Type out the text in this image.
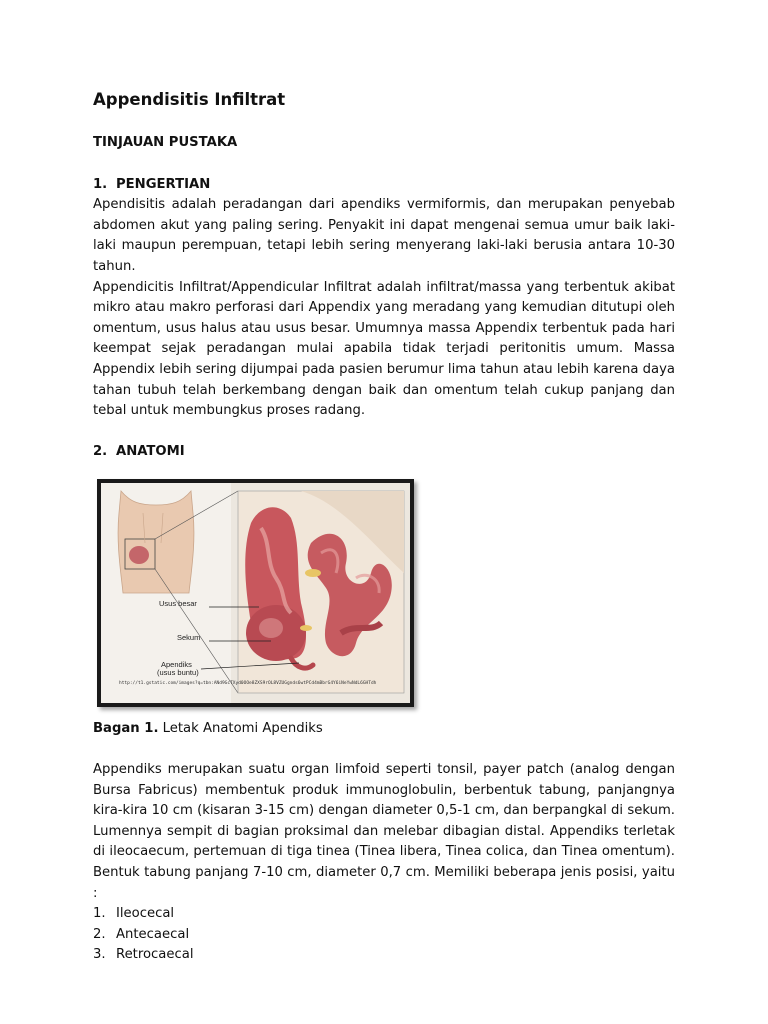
Appendisitis Infiltrat
TINJAUAN PUSTAKA
1. PENGERTIAN

Apendisitis adalah peradangan dari apendiks vermiformis, dan merupakan penyebab abdomen akut yang paling sering. Penyakit ini dapat mengenai semua umur baik laki-laki maupun perempuan, tetapi lebih sering menyerang laki-laki berusia antara 10-30 tahun.

Appendicitis Infiltrat/Appendicular Infiltrat adalah infiltrat/massa yang terbentuk akibat mikro atau makro perforasi dari Appendix yang meradang yang kemudian ditutupi oleh omentum, usus halus atau usus besar. Umumnya massa Appendix terbentuk pada hari keempat sejak peradangan mulai apabila tidak terjadi peritonitis umum. Massa Appendix lebih sering dijumpai pada pasien berumur lima tahun atau lebih karena daya tahan tubuh telah berkembang dengan baik dan omentum telah cukup panjang dan tebal untuk membungkus proses radang.

2. ANATOMI
Usus besar
Sekum
Apendiks
(usus buntu)
http://t1.gstatic.com/images?q=tbn:ANd9GcTXyd0OOe8ZXS9rOL8VZUGgnds6wtPCd4mBbrG4Y6iNeYwNdL6GHTdh
Bagan 1. Letak Anatomi Apendiks

Appendiks merupakan suatu organ limfoid seperti tonsil, payer patch (analog dengan Bursa Fabricus) membentuk produk immunoglobulin, berbentuk tabung, panjangnya kira-kira 10 cm (kisaran 3-15 cm) dengan diameter 0,5-1 cm, dan berpangkal di sekum. Lumennya sempit di bagian proksimal dan melebar dibagian distal. Appendiks terletak di ileocaecum, pertemuan di tiga tinea (Tinea libera, Tinea colica, dan Tinea omentum). Bentuk tabung panjang 7-10 cm, diameter 0,7 cm. Memiliki beberapa jenis posisi, yaitu :

1. Ileocecal
2. Antecaecal
3. Retrocaecal
